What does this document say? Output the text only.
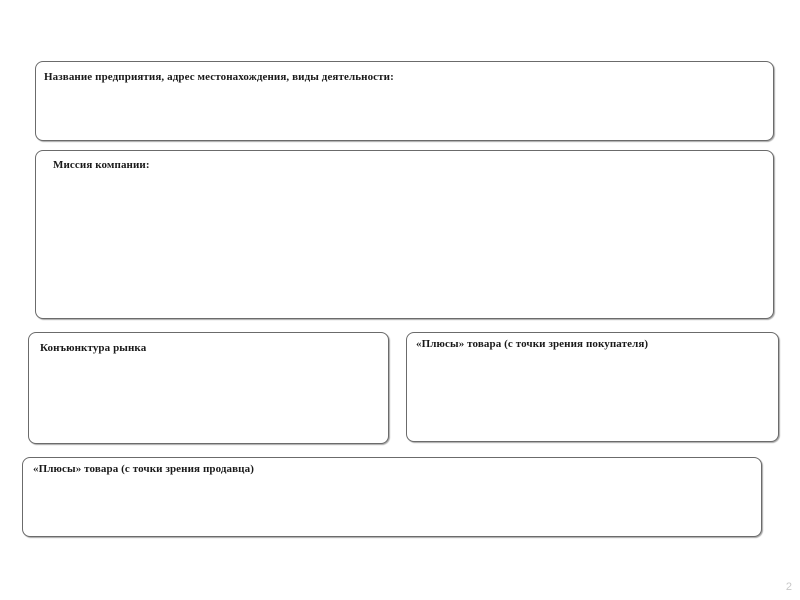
Название предприятия, адрес местонахождения, виды деятельности:
Миссия компании:
Конъюнктура рынка	«Плюсы» товара (с точки зрения покупателя)
«Плюсы» товара (с точки зрения продавца)
2
